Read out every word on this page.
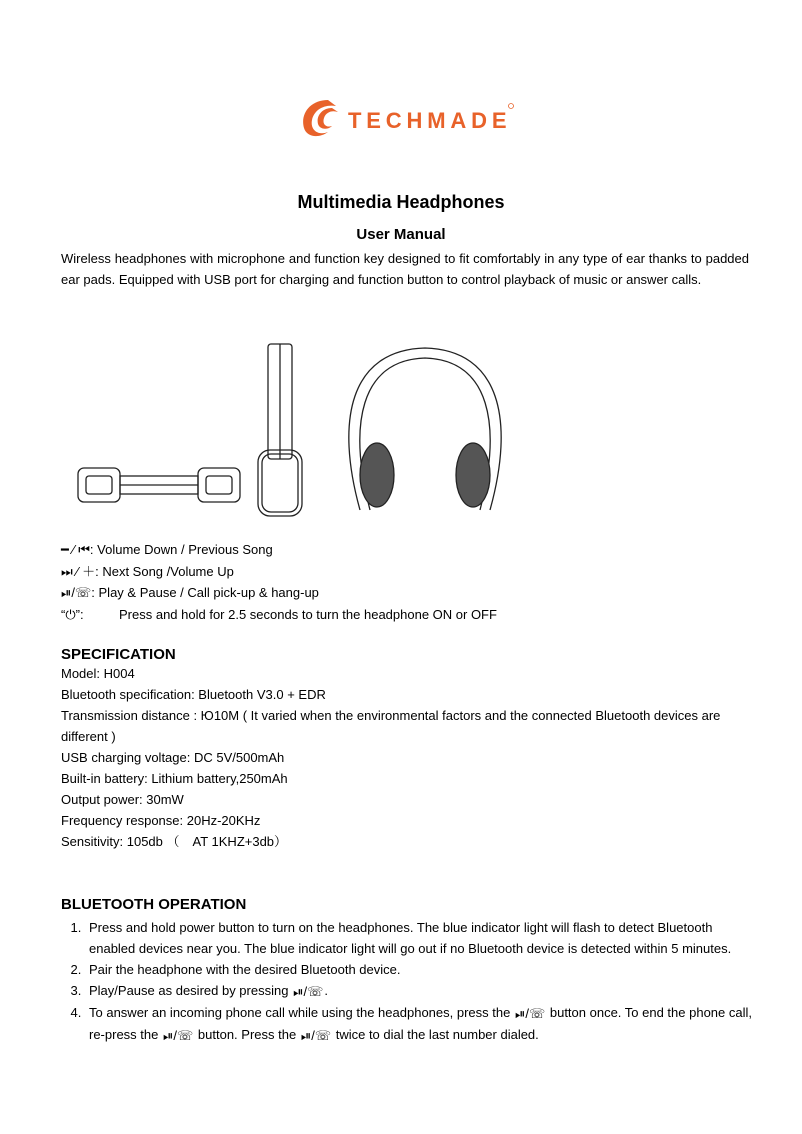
TECHMADE
Multimedia Headphones
User Manual
Wireless headphones with microphone and function key designed to fit comfortably in any type of ear thanks to padded ear pads. Equipped with USB port for charging and function button to control playback of music or answer calls.
━ ∕ ⏮ : Volume Down / Previous Song
⏭ ∕ ＋ : Next Song /Volume Up
⏯/☏ : Play & Pause / Call pick-up & hang-up
“⏻”:	Press and hold for 2.5 seconds to turn the headphone ON or OFF
SPECIFICATION
Model: H004
Bluetooth specification: Bluetooth V3.0 + EDR
Transmission distance : Ю10M ( It varied when the environmental factors and the connected Bluetooth devices are different )
USB charging voltage: DC 5V/500mAh
Built-in battery: Lithium battery,250mAh
Output power: 30mW
Frequency response: 20Hz-20KHz
Sensitivity: 105db （　AT 1KHZ+3db）
BLUETOOTH OPERATION
1. Press and hold power button to turn on the headphones. The blue indicator light will flash to detect Bluetooth enabled devices near you. The blue indicator light will go out if no Bluetooth device is detected within 5 minutes.
2. Pair the headphone with the desired Bluetooth device.
3. Play/Pause as desired by pressing ⏯/☏.
4. To answer an incoming phone call while using the headphones, press the ⏯/☏ button once. To end the phone call, re-press the ⏯/☏ button. Press the ⏯/☏ twice to dial the last number dialed.
